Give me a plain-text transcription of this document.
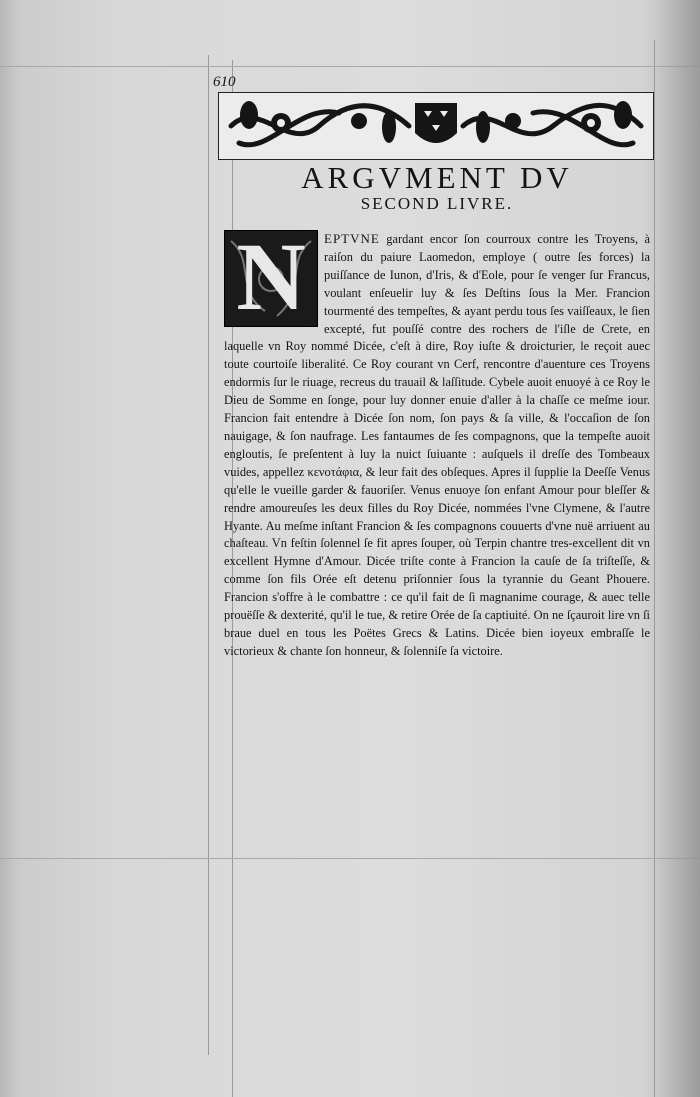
610
ARGVMENT DV
SECOND LIVRE.
N	EPTVNE gardant encor ſon courroux contre les Troyens, à raiſon du paiure Laomedon, employe ( outre ſes forces) la puiſſance de Iunon, d'Iris, & d'Eole, pour ſe venger ſur Francus, voulant enſeuelir luy & ſes Deſtins ſous la Mer. Francion tourmenté des tempeſtes, & ayant perdu tous ſes vaiſſeaux, le ſien excepté, fut pouſſé contre des rochers de l'iſle de Crete, en laquelle vn Roy nommé Dicée, c'eſt à dire, Roy iuſte & droicturier, le reçoit auec toute courtoiſe liberalité. Ce Roy courant vn Cerf, rencontre d'auenture ces Troyens endormis ſur le riuage, recreus du trauail & laſſitude. Cybele auoit enuoyé à ce Roy le Dieu de Somme en ſonge, pour luy donner enuie d'aller à la chaſſe ce meſme iour. Francion fait entendre à Dicée ſon nom, ſon pays & ſa ville, & l'occaſion de ſon nauigage, & ſon naufrage. Les fantaumes de ſes compagnons, que la tempeſte auoit engloutis, ſe preſentent à luy la nuict ſuiuante : auſquels il dreſſe des Tombeaux vuides, appellez κενοτάφια, & leur fait des obſeques. Apres il ſupplie la Deeſſe Venus qu'elle le vueille garder & fauoriſer. Venus enuoye ſon enfant Amour pour bleſſer & rendre amoureuſes les deux filles du Roy Dicée, nommées l'vne Clymene, & l'autre Hyante. Au meſme inſtant Francion & ſes compagnons couuerts d'vne nuë arriuent au chaſteau. Vn feſtin ſolennel ſe fit apres ſouper, où Terpin chantre tres-excellent dit vn excellent Hymne d'Amour. Dicée triſte conte à Francion la cauſe de ſa triſteſſe, & comme ſon fils Orée eſt detenu priſonnier ſous la tyrannie du Geant Phouere. Francion s'offre à le combattre : ce qu'il fait de ſi magnanime courage, & auec telle prouëſſe & dexterité, qu'il le tue, & retire Orée de ſa captiuité. On ne ſçauroit lire vn ſi braue duel en tous les Poëtes Grecs & Latins. Dicée bien ioyeux embraſſe le victorieux & chante ſon honneur, & ſolenniſe ſa victoire.
